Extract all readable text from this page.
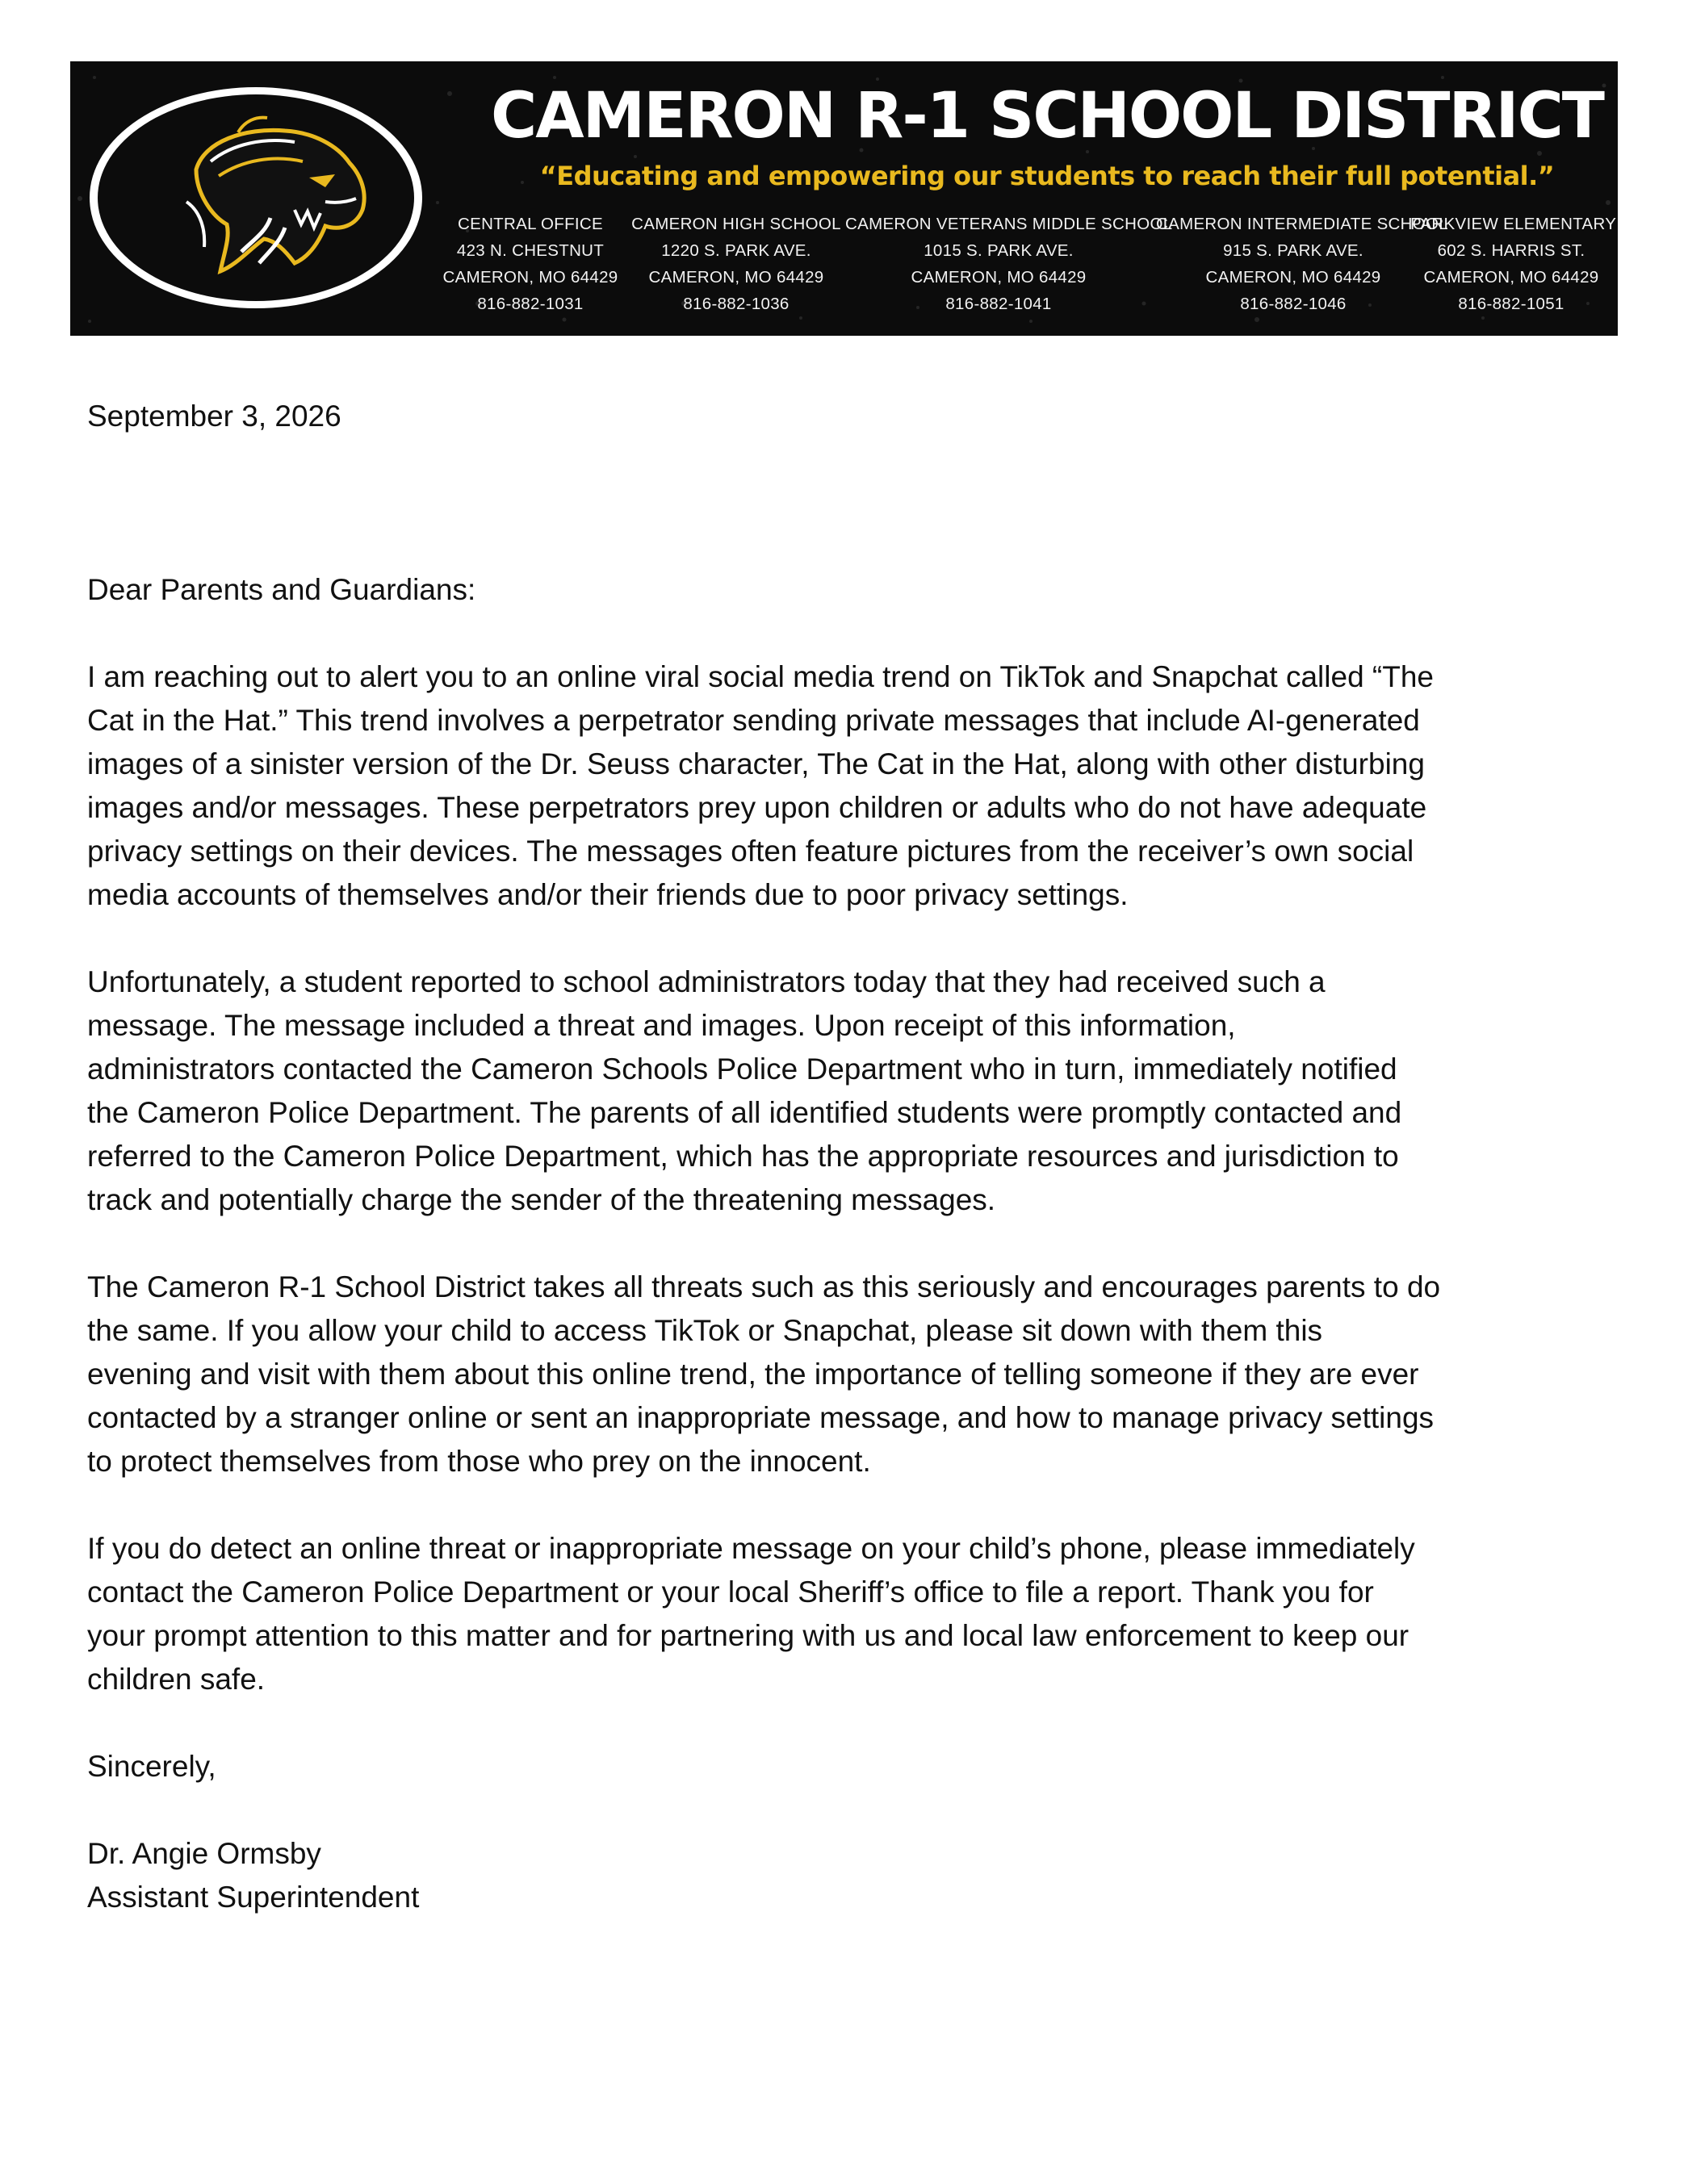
CAMERON R-1 SCHOOL DISTRICT
“Educating and empowering our students to reach their full potential.”
CENTRAL OFFICE
423 N. CHESTNUT
CAMERON, MO 64429
816-882-1031
CAMERON HIGH SCHOOL
1220 S. PARK AVE.
CAMERON, MO 64429
816-882-1036
CAMERON VETERANS MIDDLE SCHOOL
1015 S. PARK AVE.
CAMERON, MO 64429
816-882-1041
CAMERON INTERMEDIATE SCHOOL
915 S. PARK AVE.
CAMERON, MO 64429
816-882-1046
PARKVIEW ELEMENTARY
602 S. HARRIS ST.
CAMERON, MO 64429
816-882-1051
September 3, 2026
Dear Parents and Guardians:
I am reaching out to alert you to an online viral social media trend on TikTok and Snapchat called “The
Cat in the Hat.” This trend involves a perpetrator sending private messages that include AI-generated
images of a sinister version of the Dr. Seuss character, The Cat in the Hat, along with other disturbing
images and/or messages. These perpetrators prey upon children or adults who do not have adequate
privacy settings on their devices. The messages often feature pictures from the receiver’s own social
media accounts of themselves and/or their friends due to poor privacy settings.
Unfortunately, a student reported to school administrators today that they had received such a
message. The message included a threat and images. Upon receipt of this information,
administrators contacted the Cameron Schools Police Department who in turn, immediately notified
the Cameron Police Department. The parents of all identified students were promptly contacted and
referred to the Cameron Police Department, which has the appropriate resources and jurisdiction to
track and potentially charge the sender of the threatening messages.
The Cameron R-1 School District takes all threats such as this seriously and encourages parents to do
the same. If you allow your child to access TikTok or Snapchat, please sit down with them this
evening and visit with them about this online trend, the importance of telling someone if they are ever
contacted by a stranger online or sent an inappropriate message, and how to manage privacy settings
to protect themselves from those who prey on the innocent.
If you do detect an online threat or inappropriate message on your child’s phone, please immediately
contact the Cameron Police Department or your local Sheriff’s office to file a report. Thank you for
your prompt attention to this matter and for partnering with us and local law enforcement to keep our
children safe.
Sincerely,
Dr. Angie Ormsby
Assistant Superintendent
